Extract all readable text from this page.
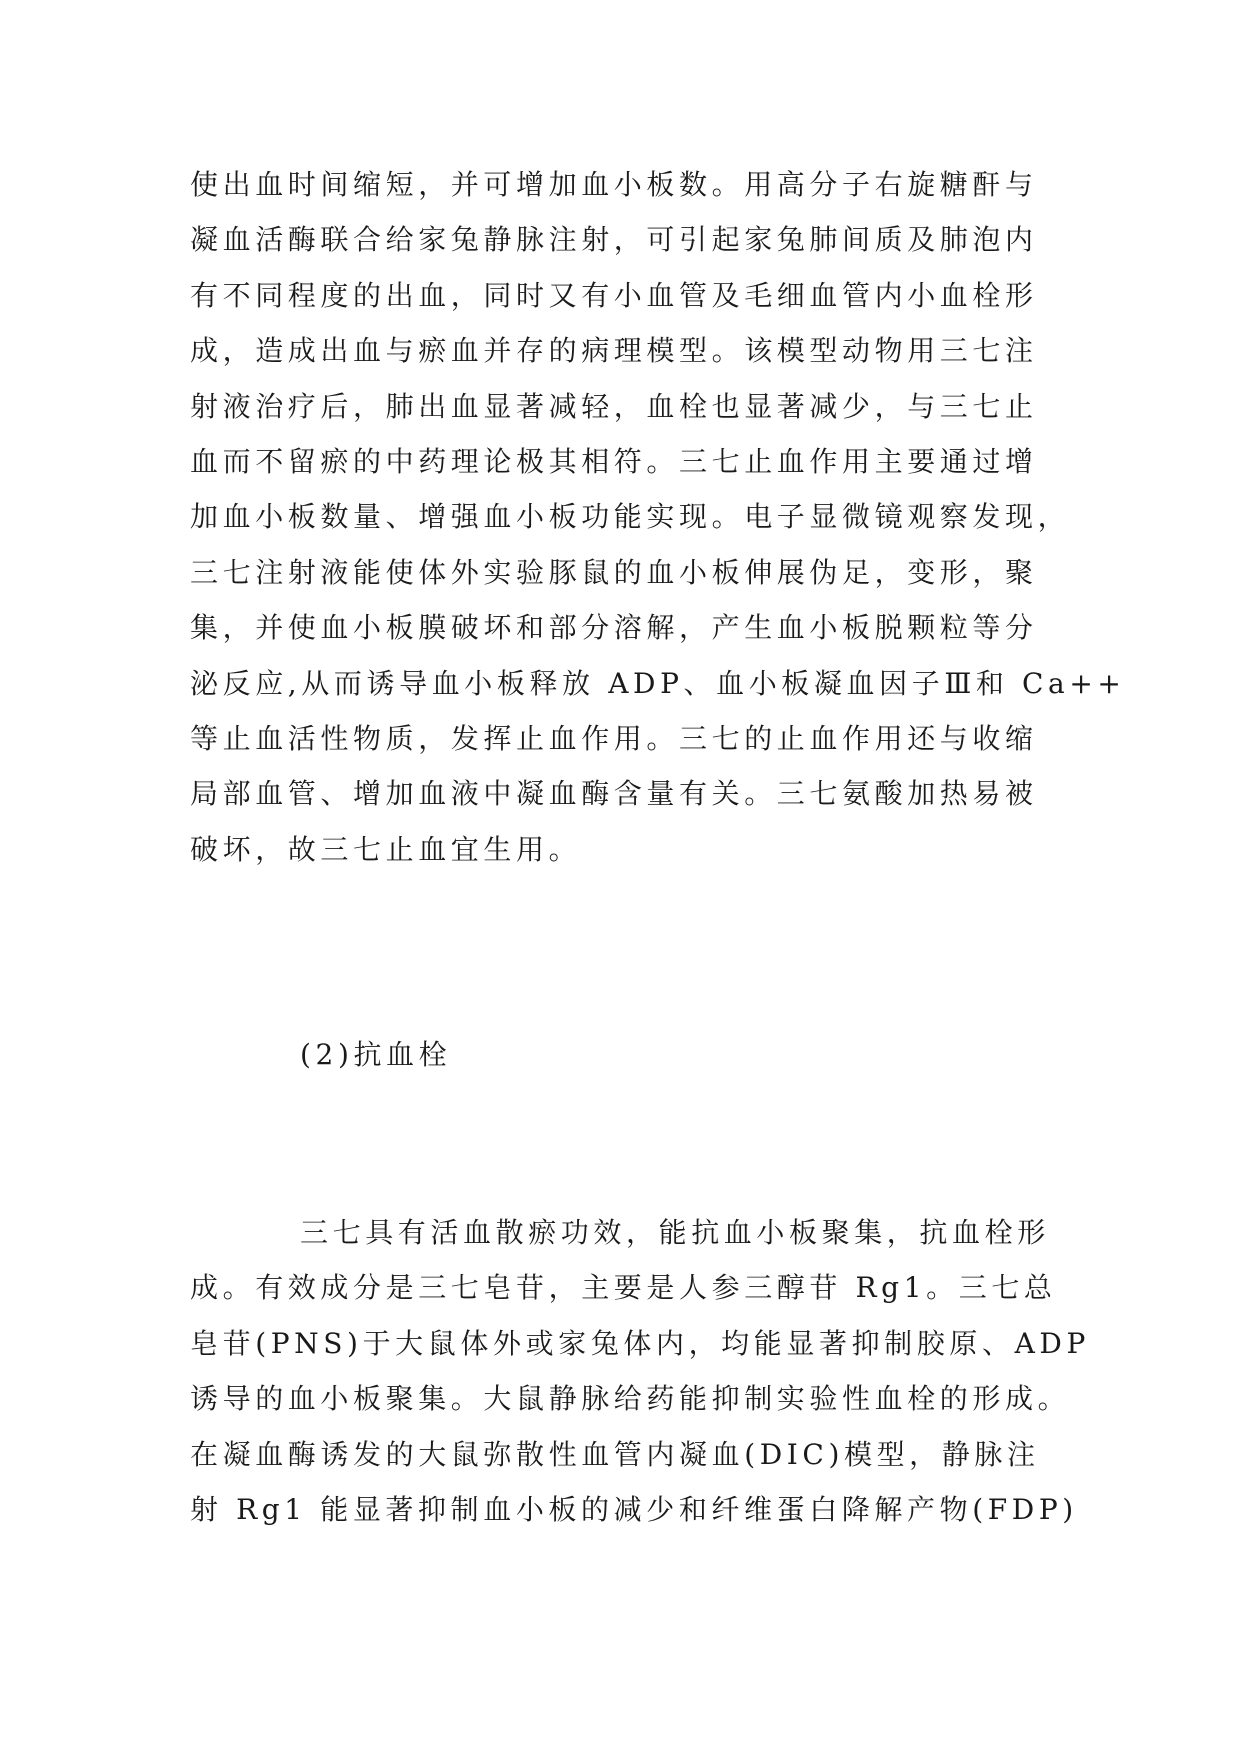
使出血时间缩短，并可增加血小板数。用高分子右旋糖酐与
凝血活酶联合给家兔静脉注射，可引起家兔肺间质及肺泡内
有不同程度的出血，同时又有小血管及毛细血管内小血栓形
成，造成出血与瘀血并存的病理模型。该模型动物用三七注
射液治疗后，肺出血显著减轻，血栓也显著减少，与三七止
血而不留瘀的中药理论极其相符。三七止血作用主要通过增
加血小板数量、增强血小板功能实现。电子显微镜观察发现，
三七注射液能使体外实验豚鼠的血小板伸展伪足，变形，聚
集，并使血小板膜破坏和部分溶解，产生血小板脱颗粒等分
泌反应,从而诱导血小板释放 ADP、血小板凝血因子Ⅲ和 Ca++
等止血活性物质，发挥止血作用。三七的止血作用还与收缩
局部血管、增加血液中凝血酶含量有关。三七氨酸加热易被
破坏，故三七止血宜生用。
(2)抗血栓
三七具有活血散瘀功效，能抗血小板聚集，抗血栓形
成。有效成分是三七皂苷，主要是人参三醇苷 Rg1。三七总
皂苷(PNS)于大鼠体外或家兔体内，均能显著抑制胶原、ADP
诱导的血小板聚集。大鼠静脉给药能抑制实验性血栓的形成。
在凝血酶诱发的大鼠弥散性血管内凝血(DIC)模型，静脉注
射 Rg1 能显著抑制血小板的减少和纤维蛋白降解产物(FDP)
